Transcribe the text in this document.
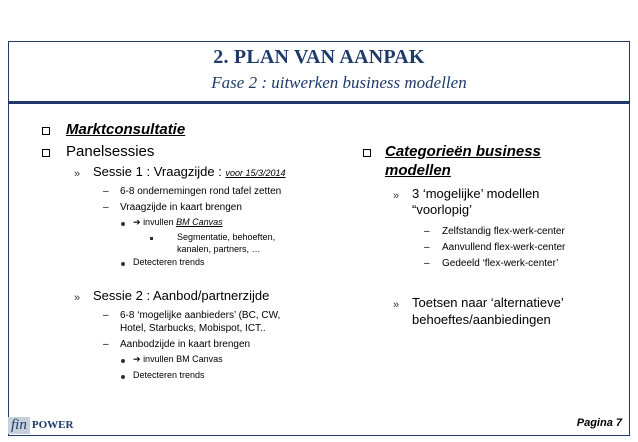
2. PLAN VAN AANPAK
Fase 2 : uitwerken business modellen
Marktconsultatie
Panelsessies
» Sessie 1 : Vraagzijde : voor 15/3/2014
– 6-8 ondernemingen rond tafel zetten
– Vraagzijde in kaart brengen
➔ invullen BM Canvas
Segmentatie, behoeften,
kanalen, partners, …
Detecteren trends
» Sessie 2 : Aanbod/partnerzijde
– 6-8 ‘mogelijke aanbieders’ (BC, CW,
Hotel, Starbucks, Mobispot, ICT..
– Aanbodzijde in kaart brengen
➔ invullen BM Canvas
Detecteren trends
Categorieën business
modellen
» 3 ‘mogelijke’ modellen
“voorlopig’
– Zelfstandig flex-werk-center
– Aanvullend flex-werk-center
– Gedeeld ‘flex-werk-center’
» Toetsen naar ‘alternatieve’
behoeftes/aanbiedingen
fin POWER	Pagina 7
